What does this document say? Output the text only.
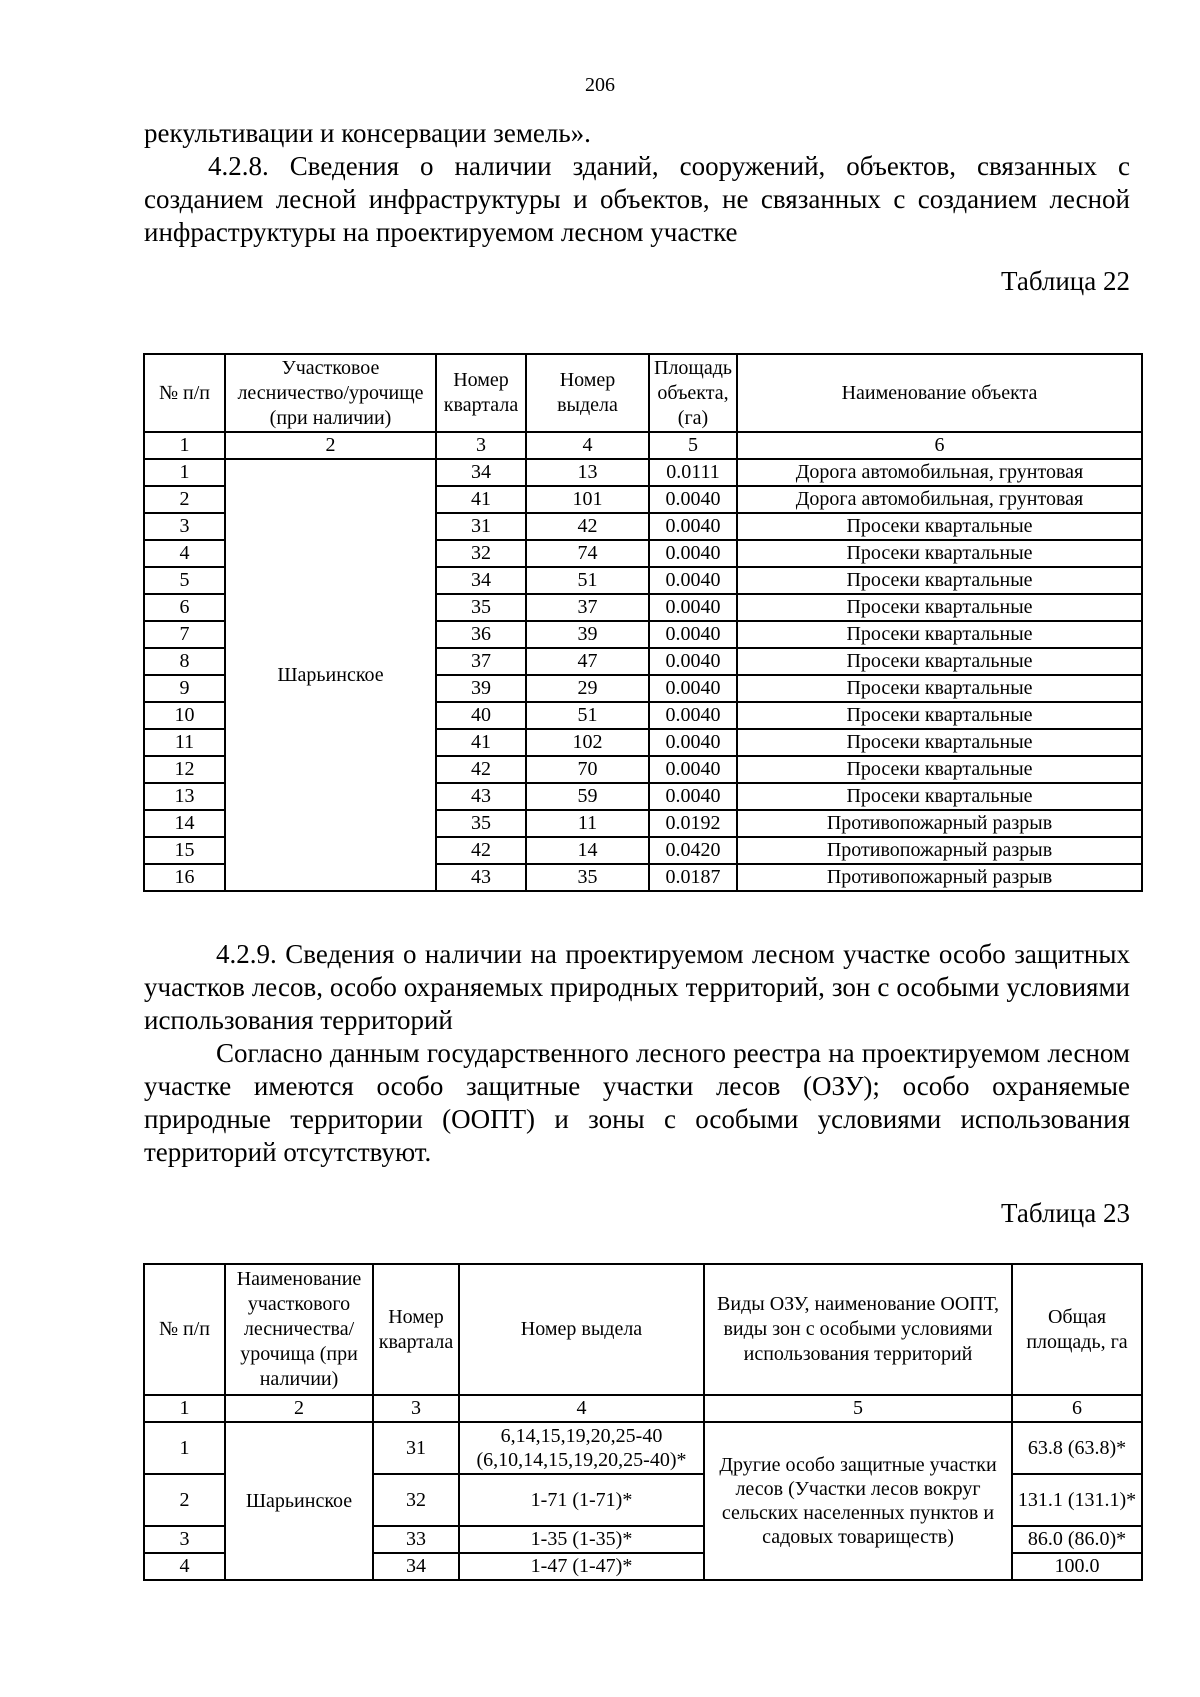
206

рекультивации и консервации земель».

4.2.8. Сведения о наличии зданий, сооружений, объектов, связанных с созданием лесной инфраструктуры и объектов, не связанных с созданием лесной инфраструктуры на проектируемом лесном участке

Таблица 22
№ п/п	Участковое лесничество/урочище (при наличии)	Номер квартала	Номер выдела	Площадь объекта, (га)	Наименование объекта
1	2	3	4	5	6
1	Шарьинское	34	13	0.0111	Дорога автомобильная, грунтовая
2		41	101	0.0040	Дорога автомобильная, грунтовая
3		31	42	0.0040	Просеки квартальные
4		32	74	0.0040	Просеки квартальные
5		34	51	0.0040	Просеки квартальные
6		35	37	0.0040	Просеки квартальные
7		36	39	0.0040	Просеки квартальные
8		37	47	0.0040	Просеки квартальные
9		39	29	0.0040	Просеки квартальные
10		40	51	0.0040	Просеки квартальные
11		41	102	0.0040	Просеки квартальные
12		42	70	0.0040	Просеки квартальные
13		43	59	0.0040	Просеки квартальные
14		35	11	0.0192	Противопожарный разрыв
15		42	14	0.0420	Противопожарный разрыв
16		43	35	0.0187	Противопожарный разрыв

4.2.9. Сведения о наличии на проектируемом лесном участке особо защитных участков лесов, особо охраняемых природных территорий, зон с особыми условиями использования территорий

Согласно данным государственного лесного реестра на проектируемом лесном участке имеются особо защитные участки лесов (ОЗУ); особо охраняемые природные территории (ООПТ) и зоны с особыми условиями использования территорий отсутствуют.

Таблица 23
№ п/п	Наименование участкового лесничества/ урочища (при наличии)	Номер квартала	Номер выдела	Виды ОЗУ, наименование ООПТ, виды зон с особыми условиями использования территорий	Общая площадь, га
1	2	3	4	5	6
1	Шарьинское	31	6,14,15,19,20,25-40 (6,10,14,15,19,20,25-40)*	Другие особо защитные участки лесов (Участки лесов вокруг сельских населенных пунктов и садовых товариществ)	63.8 (63.8)*
2		32	1-71 (1-71)*		131.1 (131.1)*
3		33	1-35 (1-35)*		86.0 (86.0)*
4		34	1-47 (1-47)*		100.0
